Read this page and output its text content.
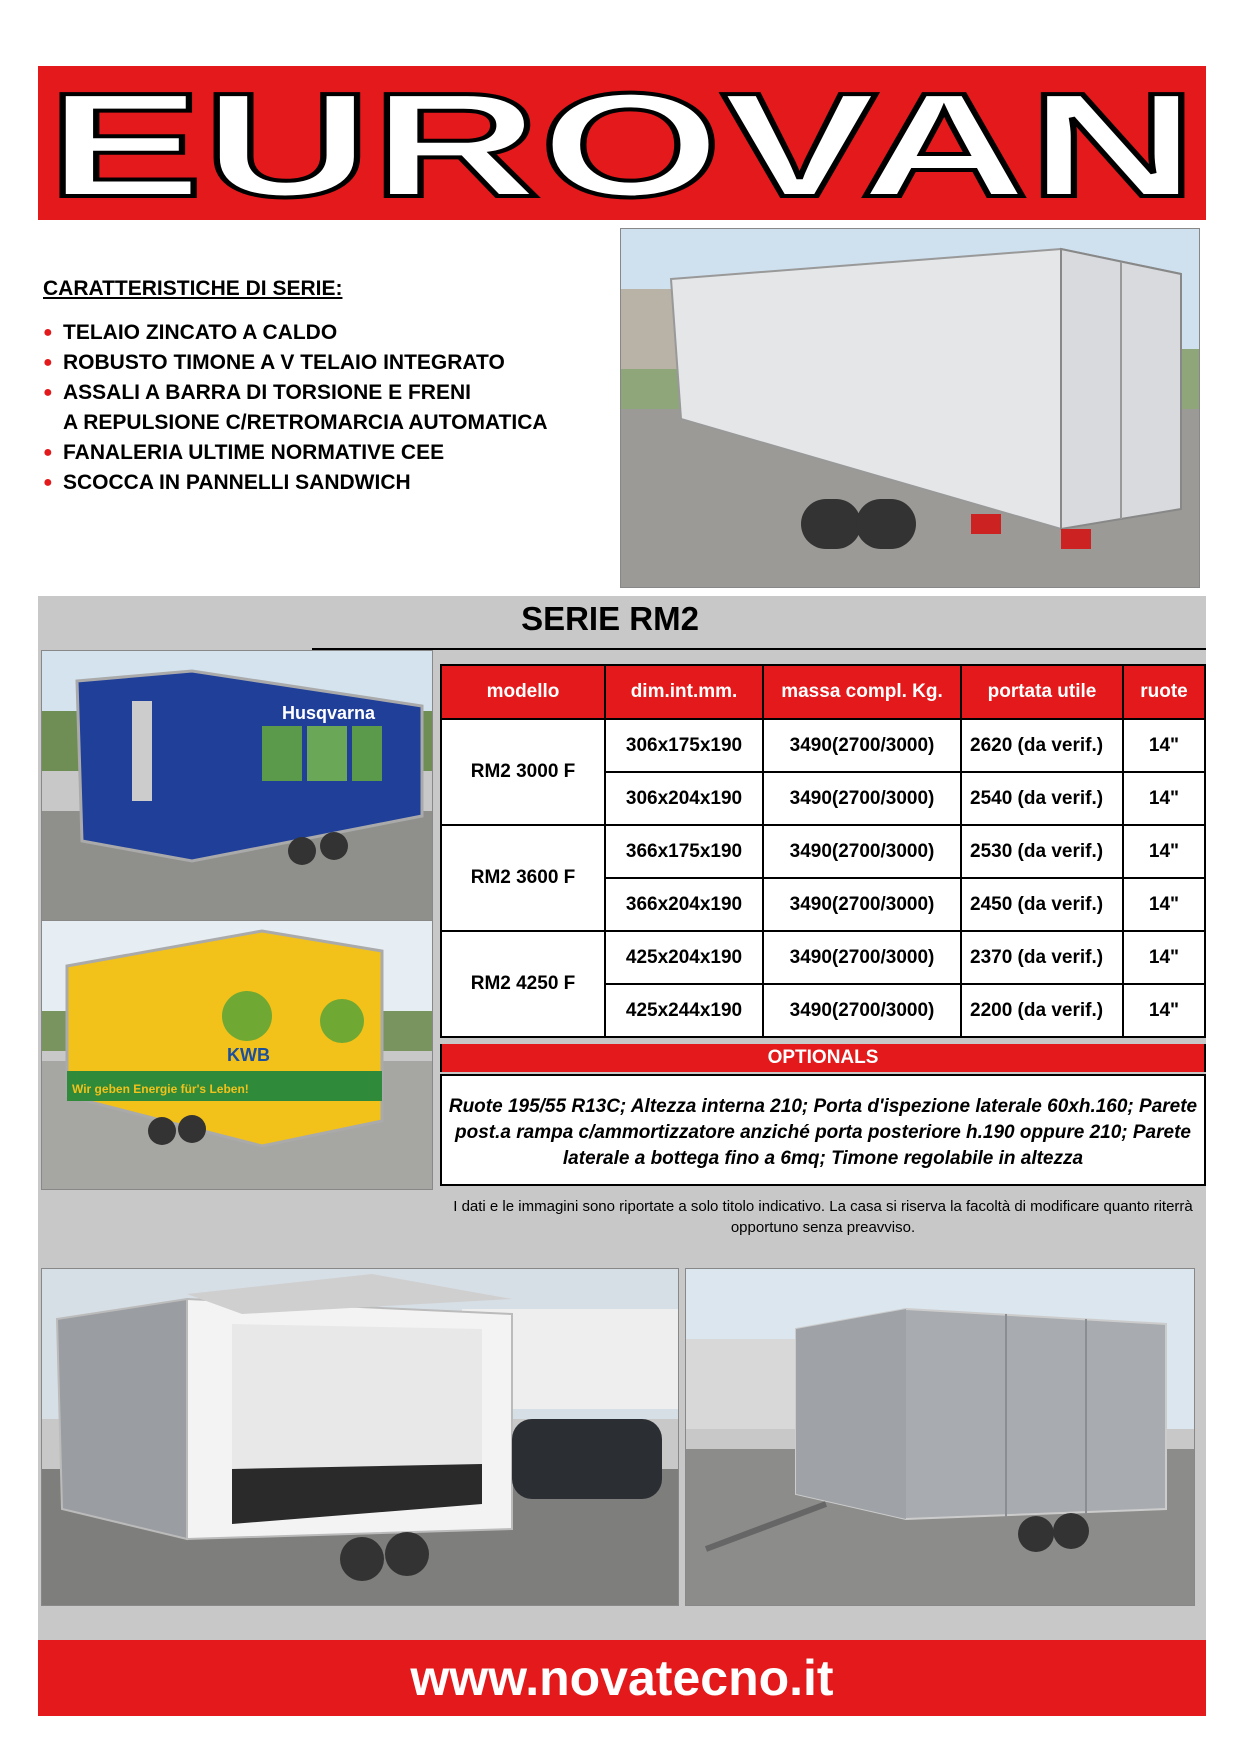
EUROVAN
CARATTERISTICHE DI SERIE:
● TELAIO ZINCATO A CALDO
● ROBUSTO TIMONE A V TELAIO INTEGRATO
● ASSALI A BARRA DI TORSIONE E FRENI
A REPULSIONE C/RETROMARCIA AUTOMATICA
● FANALERIA ULTIME NORMATIVE CEE
● SCOCCA IN PANNELLI SANDWICH
SERIE RM2
Husqvarna
KWB
Wir geben Energie für's Leben!
modello	dim.int.mm.	massa compl. Kg.	portata utile	ruote
RM2 3000 F	306x175x190	3490(2700/3000)	2620 (da verif.)	14"
	306x204x190	3490(2700/3000)	2540 (da verif.)	14"
RM2 3600 F	366x175x190	3490(2700/3000)	2530 (da verif.)	14"
	366x204x190	3490(2700/3000)	2450 (da verif.)	14"
RM2 4250 F	425x204x190	3490(2700/3000)	2370 (da verif.)	14"
	425x244x190	3490(2700/3000)	2200 (da verif.)	14"
OPTIONALS
Ruote 195/55 R13C; Altezza interna 210; Porta d'ispezione laterale 60xh.160; Parete post.a rampa c/ammortizzatore anziché porta posteriore h.190 oppure 210; Parete laterale a bottega fino a 6mq; Timone regolabile in altezza
I dati e le immagini sono riportate a solo titolo indicativo. La casa si riserva la facoltà di modificare quanto riterrà opportuno senza preavviso.
www.novatecno.it
